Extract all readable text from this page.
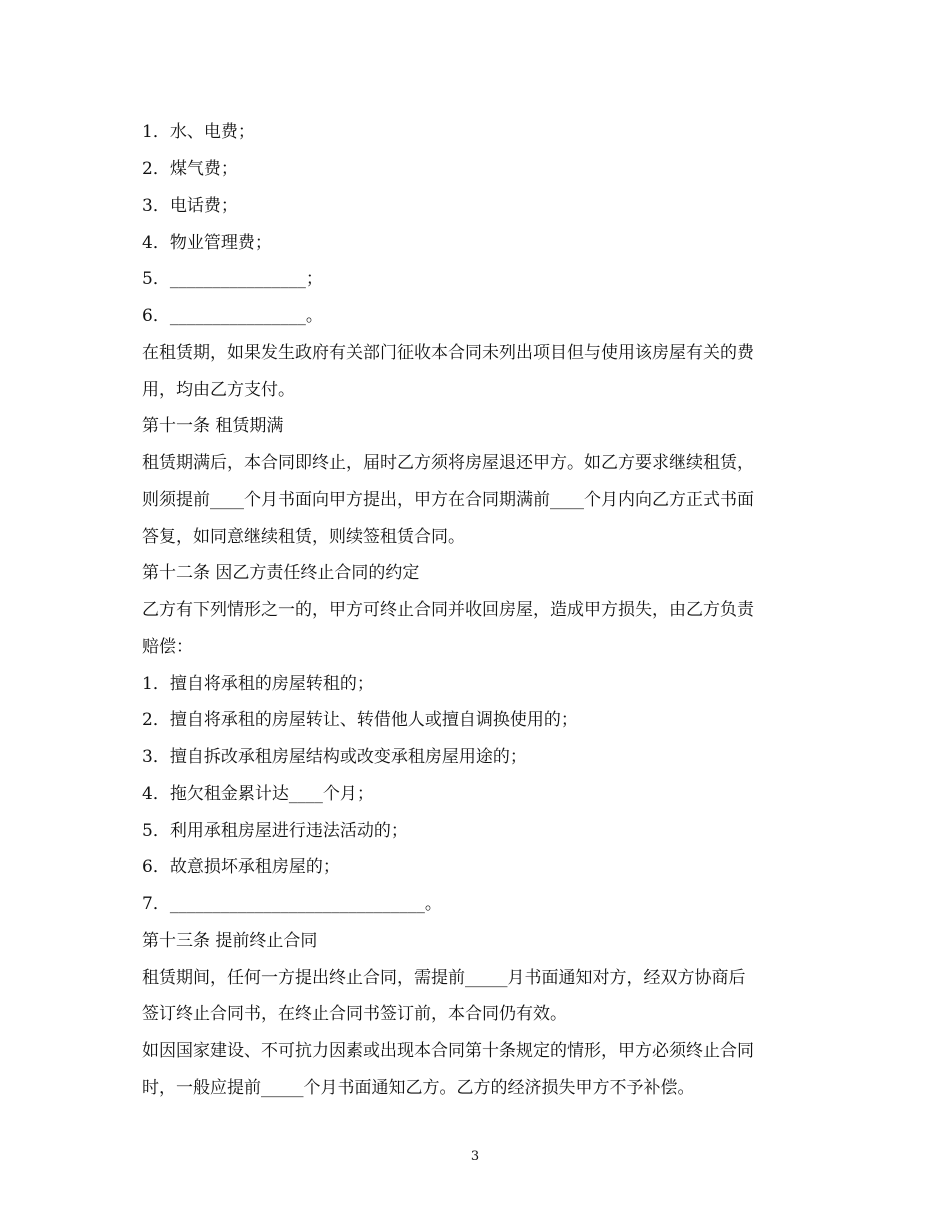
1．水、电费；
2．煤气费；
3．电话费；
4．物业管理费；
5．________________；
6．________________。
在租赁期，如果发生政府有关部门征收本合同未列出项目但与使用该房屋有关的费
用，均由乙方支付。
第十一条 租赁期满
租赁期满后，本合同即终止，届时乙方须将房屋退还甲方。如乙方要求继续租赁，
则须提前____个月书面向甲方提出，甲方在合同期满前____个月内向乙方正式书面
答复，如同意继续租赁，则续签租赁合同。
第十二条 因乙方责任终止合同的约定
乙方有下列情形之一的，甲方可终止合同并收回房屋，造成甲方损失，由乙方负责
赔偿：
1．擅自将承租的房屋转租的；
2．擅自将承租的房屋转让、转借他人或擅自调换使用的；
3．擅自拆改承租房屋结构或改变承租房屋用途的；
4．拖欠租金累计达____个月；
5．利用承租房屋进行违法活动的；
6．故意损坏承租房屋的；
7．______________________________。
第十三条 提前终止合同
租赁期间，任何一方提出终止合同，需提前_____月书面通知对方，经双方协商后
签订终止合同书，在终止合同书签订前，本合同仍有效。
如因国家建设、不可抗力因素或出现本合同第十条规定的情形，甲方必须终止合同
时，一般应提前_____个月书面通知乙方。乙方的经济损失甲方不予补偿。
3
